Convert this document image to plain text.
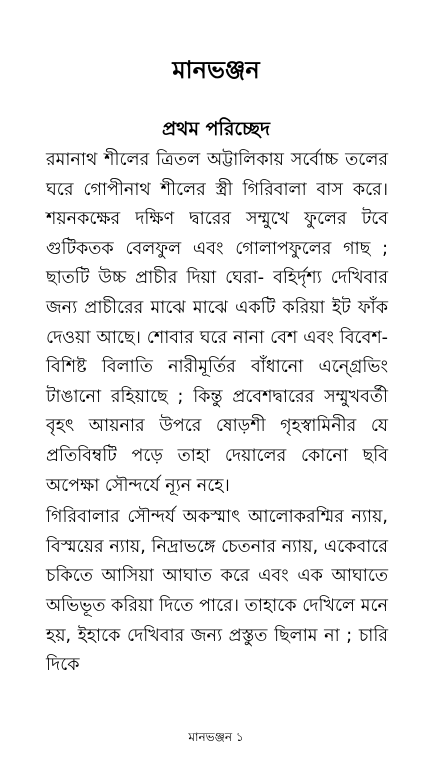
মানভঞ্জন
প্রথম পরিচ্ছেদ

রমানাথ শীলের ত্রিতল অট্টালিকায় সর্বোচ্চ তলের ঘরে গোপীনাথ শীলের স্ত্রী গিরিবালা বাস করে। শয়নকক্ষের দক্ষিণ দ্বারের সম্মুখে ফুলের টবে গুটিকতক বেলফুল এবং গোলাপফুলের গাছ ; ছাতটি উচ্চ প্রাচীর দিয়া ঘেরা- বহির্দৃশ্য দেখিবার জন্য প্রাচীরের মাঝে মাঝে একটি করিয়া ইট ফাঁক দেওয়া আছে। শোবার ঘরে নানা বেশ এবং বিবেশ-বিশিষ্ট বিলাতি নারীমূর্তির বাঁধানো এন্গ্রেভিং টাঙানো রহিয়াছে ; কিন্তু প্রবেশদ্বারের সম্মুখবর্তী বৃহৎ আয়নার উপরে ষোড়শী গৃহস্বামিনীর যে প্রতিবিম্বটি পড়ে তাহা দেয়ালের কোনো ছবি অপেক্ষা সৌন্দর্যে ন্যূন নহে।

গিরিবালার সৌন্দর্য অকস্মাৎ আলোকরশ্মির ন্যায়, বিস্ময়ের ন্যায়, নিদ্রাভঙ্গে চেতনার ন্যায়, একেবারে চকিতে আসিয়া আঘাত করে এবং এক আঘাতে অভিভূত করিয়া দিতে পারে। তাহাকে দেখিলে মনে হয়, ইহাকে দেখিবার জন্য প্রস্তুত ছিলাম না ; চারি দিকে

মানভঞ্জন ১
